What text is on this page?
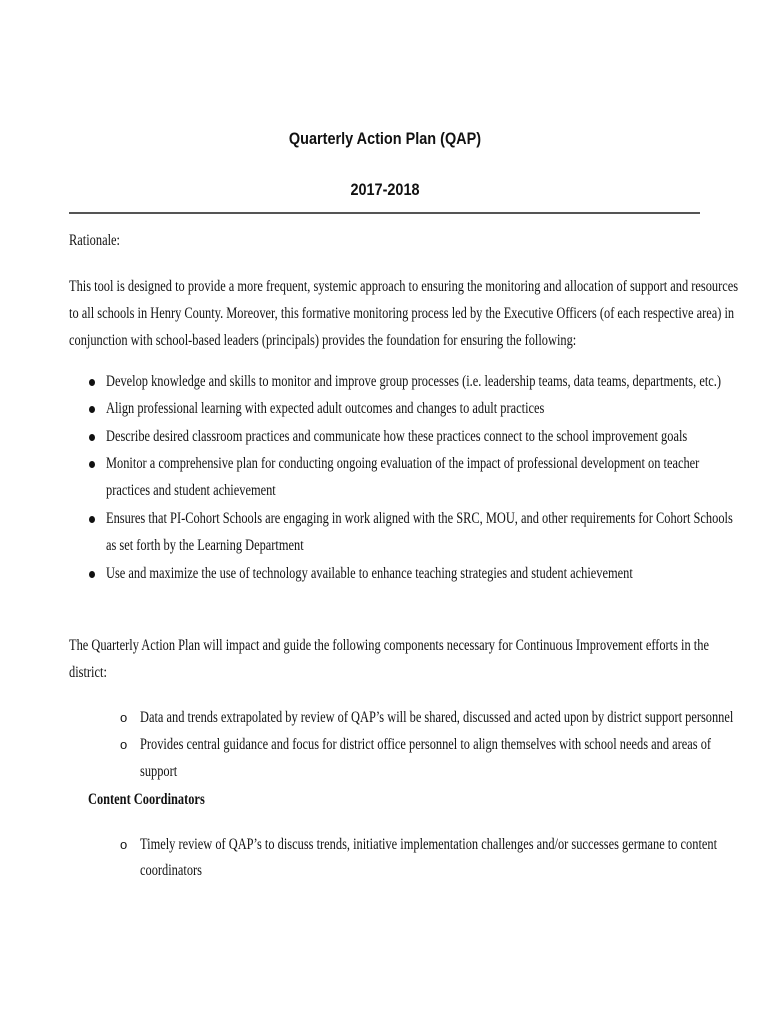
Quarterly Action Plan (QAP)
2017-2018
Rationale:
This tool is designed to provide a more frequent, systemic approach to ensuring the monitoring and allocation of support and resources
to all schools in Henry County. Moreover, this formative monitoring process led by the Executive Officers (of each respective area) in
conjunction with school-based leaders (principals) provides the foundation for ensuring the following:
Develop knowledge and skills to monitor and improve group processes (i.e. leadership teams, data teams, departments, etc.)
Align professional learning with expected adult outcomes and changes to adult practices
Describe desired classroom practices and communicate how these practices connect to the school improvement goals
Monitor a comprehensive plan for conducting ongoing evaluation of the impact of professional development on teacher
practices and student achievement
Ensures that PI-Cohort Schools are engaging in work aligned with the SRC, MOU, and other requirements for Cohort Schools
as set forth by the Learning Department
Use and maximize the use of technology available to enhance teaching strategies and student achievement
The Quarterly Action Plan will impact and guide the following components necessary for Continuous Improvement efforts in the
district:
o Data and trends extrapolated by review of QAP’s will be shared, discussed and acted upon by district support personnel
o Provides central guidance and focus for district office personnel to align themselves with school needs and areas of
support
Content Coordinators
o Timely review of QAP’s to discuss trends, initiative implementation challenges and/or successes germane to content
coordinators
